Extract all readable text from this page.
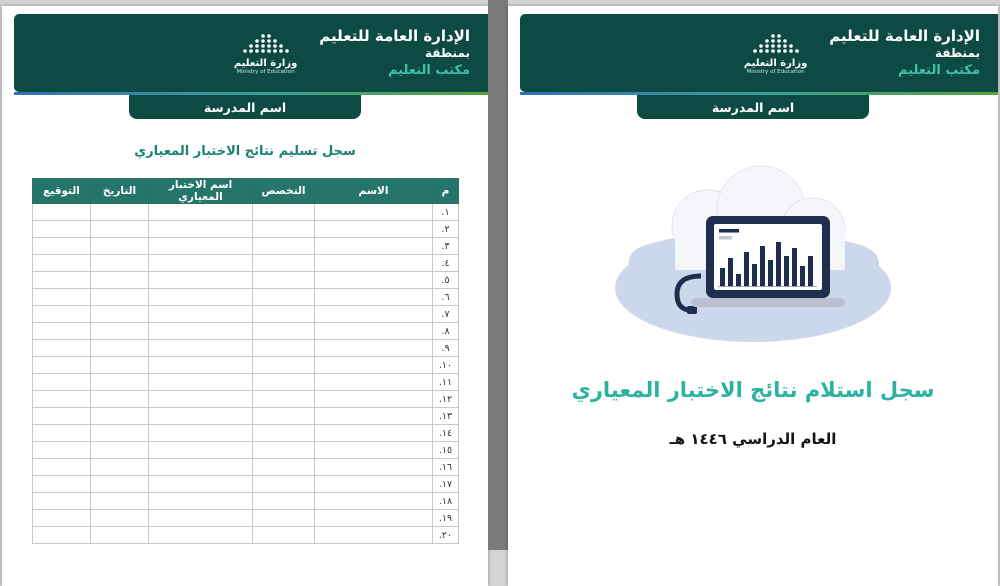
الإدارة العامة للتعليم
بمنطقة
مكتب التعليم
وزارة التعليم
Ministry of Education
اسم المدرسة
سجل تسليم نتائج الاختبار المعياري
م	الاسم	التخصص	اسم الاختبار المعياري	التاريخ	التوقيع
١.					
٢.					
٣.					
٤.					
٥.					
٦.					
٧.					
٨.					
٩.					
١٠.					
١١.					
١٢.					
١٣.					
١٤.					
١٥.					
١٦.					
١٧.					
١٨.					
١٩.					
٢٠.					
الإدارة العامة للتعليم
بمنطقة
مكتب التعليم
وزارة التعليم
Ministry of Education
اسم المدرسة
سجل استلام نتائج الاختبار المعياري
العام الدراسي ١٤٤٦ هـ
